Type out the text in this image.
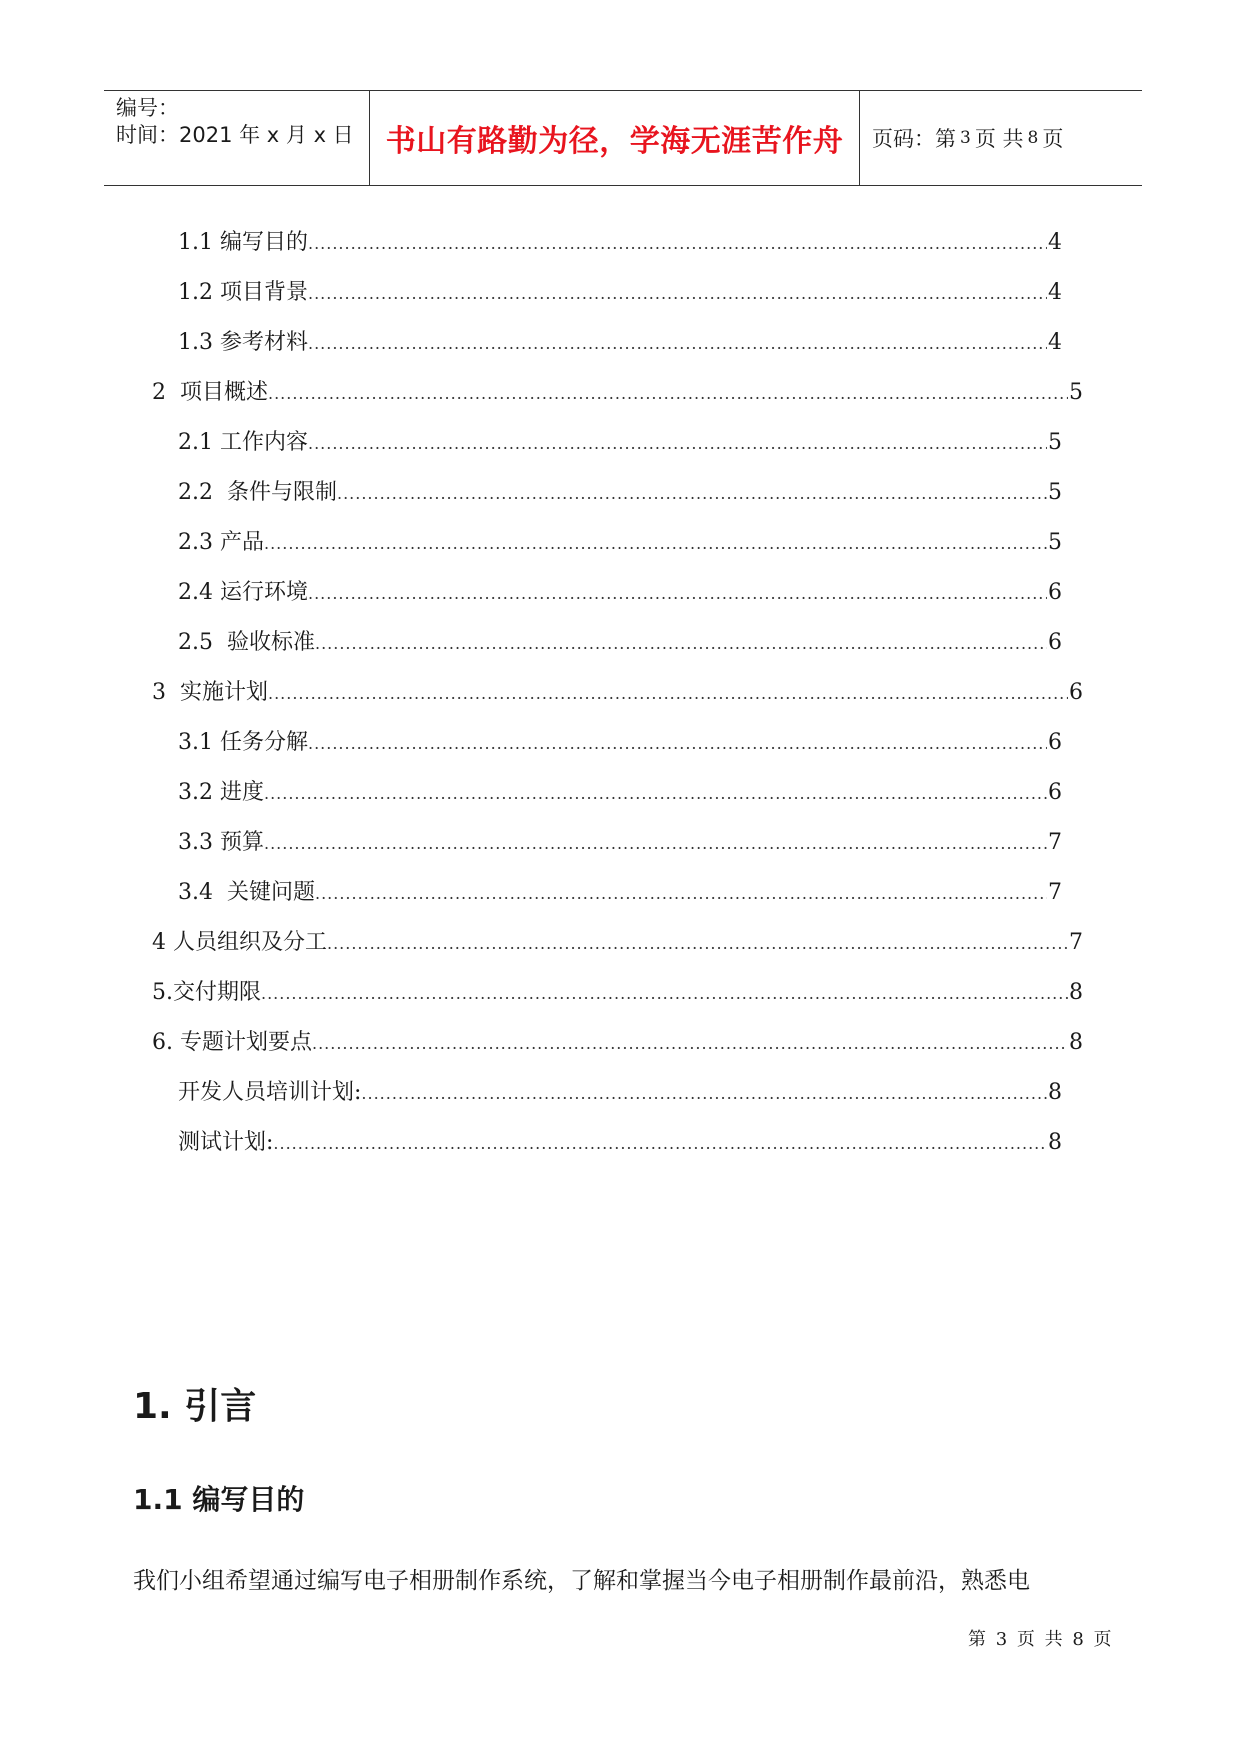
编号：
时间：2021 年 x 月 x 日	书山有路勤为径，学海无涯苦作舟	页码：第 3 页 共 8 页
1.1 编写目的 .....	4
1.2 项目背景 .....	4
1.3 参考材料 .....	4
2  项目概述 .....	5
2.1 工作内容 .....	5
2.2  条件与限制 .....	5
2.3 产品 .....	5
2.4 运行环境 .....	6
2.5  验收标准 .....	6
3  实施计划 .....	6
3.1 任务分解 .....	6
3.2 进度 .....	6
3.3 预算 .....	7
3.4  关键问题 .....	7
4 人员组织及分工 .....	7
5.交付期限 .....	8
6. 专题计划要点 .....	8
开发人员培训计划: .....	8
测试计划: .....	8
1. 引言
1.1 编写目的
我们小组希望通过编写电子相册制作系统，了解和掌握当今电子相册制作最前沿，熟悉电
第 3 页 共 8 页
